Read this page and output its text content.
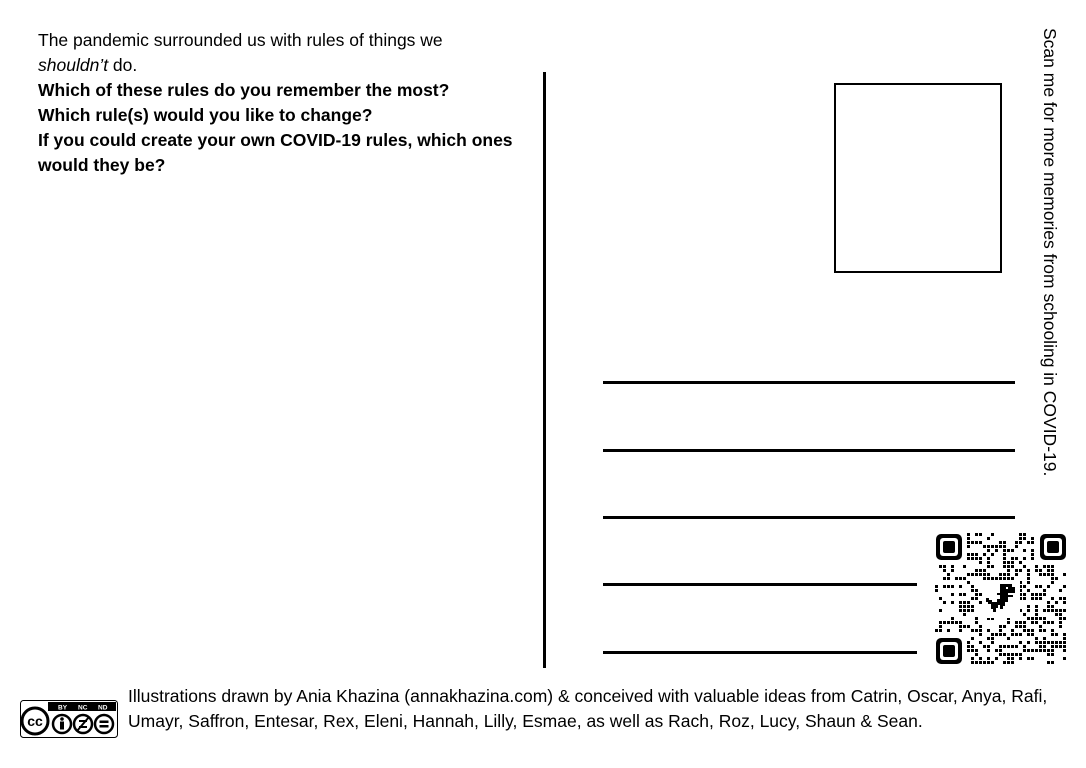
The pandemic surrounded us with rules of things we
shouldn’t do.
Which of these rules do you remember the most?
Which rule(s) would you like to change?
If you could create your own COVID-19 rules, which ones would they be?	Scan me for more memories from schooling in COVID-19.
BY NC ND
cc
Illustrations drawn by Ania Khazina (annakhazina.com) & conceived with valuable ideas from Catrin, Oscar, Anya, Rafi, Umayr, Saffron, Entesar, Rex, Eleni, Hannah, Lilly, Esmae, as well as Rach, Roz, Lucy, Shaun & Sean.
